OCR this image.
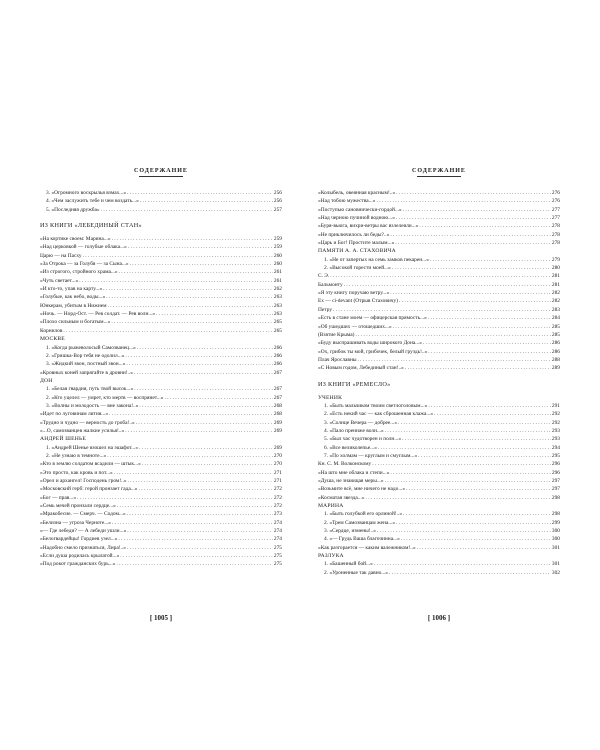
СОДЕРЖАНИЕ
3. «Огромного воскрылья взмах...» . . .	256
4. «Чем заслужить тебе и чем воздать...» . . .	256
5. «Последняя дружба» . . .	257
ИЗ КНИГИ «ЛЕБЕДИНЫЙ СТАН»
«На кортике своем: Марина...» . . .	259
«Над церковкой — голубые облака...» . . .	259
Царю — на Пасху . . .	260
«За Отрока — за Голубя — за Сына...» . . .	260
«Из строгого, стройного храма...» . . .	261
«Чуть светает...» . . .	261
«И кто-то, упав на карту...» . . .	262
«Голубые, как небо, воды...» . . .	263
Юнкерам, убитым в Нижнем . . .	263
«Ночь. — Норд-Ост. — Рев солдат. — Рев волн...» . . .	263
«Плохо сильным и богатым...» . . .	265
Корнилов . . .	265
МОСКВЕ
1. «Когда рыжеволосый Самозванец...» . . .	266
2. «Гришка-Вор тебя не одолил...» . . .	266
3. «Жидкий звон, постный звон...» . . .	266
«Кровных коней запрягайте в дровни!..» . . .	267
ДОН
1. «Белая гвардия, путь твой высок...» . . .	267
2. «Кто уцелел — умрет, кто мертв — воспрянет...» . . .	267
3. «Волны и молодость — вне закона!..» . . .	268
«Идет по луговинам лития...» . . .	268
«Трудно и чудно — верность до гроба!..» . . .	269
«...О, самозванцев жалкие усилья!..» . . .	269
АНДРЕЙ ШЕНЬЕ
1. «Андрей Шенье взошел на эшафот...» . . .	269
2. «Не узнаю в темноте...» . . .	270
«Кто в землю солдатом всадили — штык...» . . .	270
«Это просто, как кровь и пот...» . . .	271
«Орел и архангел! Господень гром!..» . . .	271
«Московский герб: герой пронзает гада...» . . .	272
«Бог — прав...» . . .	272
«Семь мечей пронзали сердце...» . . .	272
«Мракобесие. — Смерч. — Содом...» . . .	273
«Белизна — угроза Черноте...» . . .	274
«— Где лебеди? — А лебеди ушли...» . . .	274
«Белогвардейцы! Гордиев узел...» . . .	274
«Надобно смело признаться, Лира!..» . . .	275
«Если душа родилась крылатой...» . . .	275
«Под рокот гражданских бурь...» . . .	275
СОДЕРЖАНИЕ
«Колыбель, овеянная красным!..» . . .	276
«Над тобою мужества...» . . .	276
«Поступью сановнически-гордой...» . . .	277
«Над черною пучиной водною...» . . .	277
«Буря-вьюга, вихри-ветры вас взлелеяли...» . . .	278
«Не приключилось ли беды?..» . . .	278
«Царь и Бог! Простите малым...» . . .	278
ПАМЯТИ А. А. СТАХОВИЧА
1. «Не от запертых на семь замков пекарен...» . . .	279
2. «Высокой горести моей...» . . .	280
С. Э. . . .	281
Бальмонту . . .	281
«Я эту книгу поручаю ветру...» . . .	282
Ех — ci-devant (Отрыв Стаховичу) . . .	282
Петру . . .	283
«Есть в стане моем — офицерская прямость...» . . .	284
«Об ушедших — отошедших...» . . .	285
(Взятие Крыма) . . .	285
«Буду выспрашивать воды широкого Дона...» . . .	286
«Ох, грибок ты мой, грибочек, белый груздь!..» . . .	286
Плач Ярославны . . .	288
«С Новым годом, Лебединый стан!..» . . .	289
ИЗ КНИГИ «РЕМЕСЛО»
УЧЕНИК
1. «Быть мальчиком твоим светлоголовым...» . . .	291
2. «Есть некий час — как сброшенная клажа...» . . .	292
3. «Солнце Вечера — добрее...» . . .	292
4. «Пало прениже волн...» . . .	293
5. «Был час чудотворен и полн...» . . .	293
6. «Все великолепье...» . . .	294
7. «По холмам — круглым и смуглым...» . . .	295
Кн. С. М. Волконскому . . .	296
«На што мне облака и степи...» . . .	296
«Душа, не знающая меры...» . . .	297
«Возьмите всё, мне ничего не надо...» . . .	297
«Косматая звезда...» . . .	298
МАРИНА
1. «Быть голубкой его орлиной!..» . . .	298
2. «Трем Самозванцам жена...» . . .	299
3. «Сердце, измены!..» . . .	300
4. «— Грудь Ваша благочинна...» . . .	300
«Как разгорается — каким валежником!..» . . .	301
РАЗЛУКА
1. «Башенный бой...» . . .	301
2. «Уроненные так давно...» . . .	302
[ 1005 ]	[ 1006 ]
